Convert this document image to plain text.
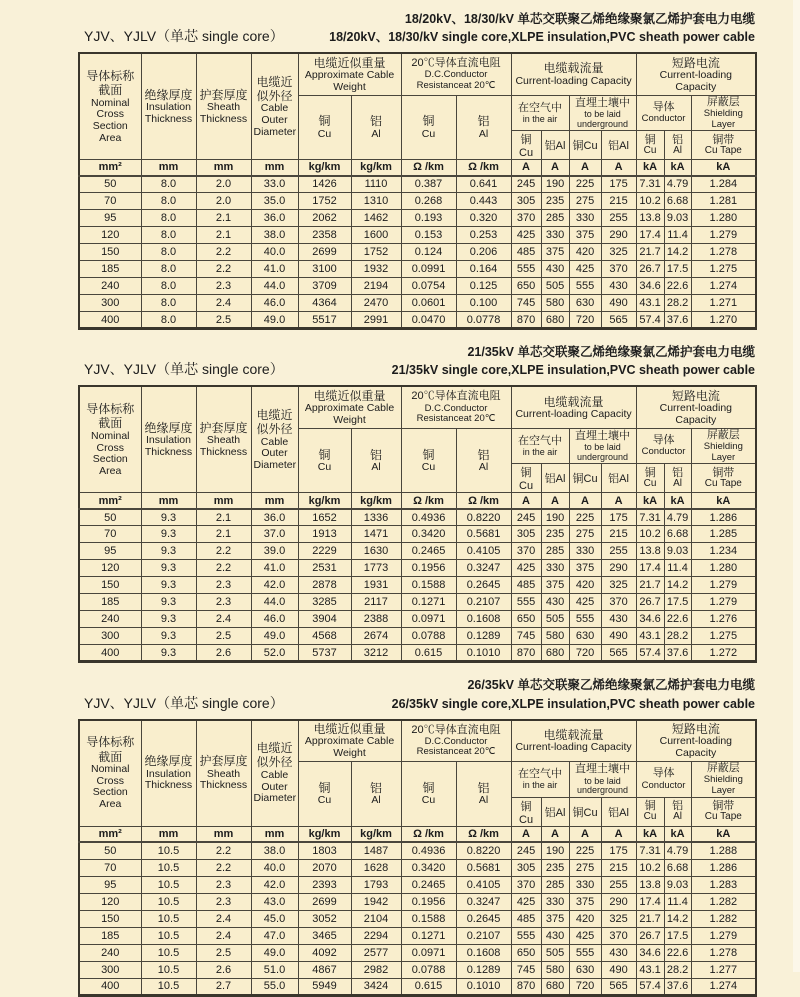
YJV、YJLV（单芯 single core）
18/20kV、18/30/kV 单芯交联聚乙烯绝缘聚氯乙烯护套电力电缆
18/20kV、18/30/kV single core,XLPE insulation,PVC sheath power cable
导体标称截面
Nominal Cross Section Area

绝缘厚度
Insulation Thickness

护套厚度
Sheath Thickness

电缆近似外径
Cable Outer Diameter

电缆近似重量
Approximate Cable Weight

20℃导体直流电阻
D.C.Conductor Resistanceat 20℃

电缆载流量
Current-loading Capacity

短路电流
Current-loading Capacity

铜
Cu

铝
Al

铜
Cu

铝
Al

在空气中
in the air

直埋土壤中
to be laid underground

导体
Conductor

屏蔽层
Shielding Layer

铜Cu	铝Al	铜Cu	铝Al	
铜
Cu

铝
Al

铜带
Cu Tape

mm²	mm	mm	mm	kg/km	kg/km	Ω /km	Ω /km	A	A	A	A	kA	kA	kA
50	8.0	2.0	33.0	1426	1110	0.387	0.641	245	190	225	175	7.31	4.79	1.284
70	8.0	2.0	35.0	1752	1310	0.268	0.443	305	235	275	215	10.2	6.68	1.281
95	8.0	2.1	36.0	2062	1462	0.193	0.320	370	285	330	255	13.8	9.03	1.280
120	8.0	2.1	38.0	2358	1600	0.153	0.253	425	330	375	290	17.4	11.4	1.279
150	8.0	2.2	40.0	2699	1752	0.124	0.206	485	375	420	325	21.7	14.2	1.278
185	8.0	2.2	41.0	3100	1932	0.0991	0.164	555	430	425	370	26.7	17.5	1.275
240	8.0	2.3	44.0	3709	2194	0.0754	0.125	650	505	555	430	34.6	22.6	1.274
300	8.0	2.4	46.0	4364	2470	0.0601	0.100	745	580	630	490	43.1	28.2	1.271
400	8.0	2.5	49.0	5517	2991	0.0470	0.0778	870	680	720	565	57.4	37.6	1.270
YJV、YJLV（单芯 single core）
21/35kV 单芯交联聚乙烯绝缘聚氯乙烯护套电力电缆
21/35kV single core,XLPE insulation,PVC sheath power cable
导体标称截面
Nominal Cross Section Area

绝缘厚度
Insulation Thickness

护套厚度
Sheath Thickness

电缆近似外径
Cable Outer Diameter

电缆近似重量
Approximate Cable Weight

20℃导体直流电阻
D.C.Conductor Resistanceat 20℃

电缆载流量
Current-loading Capacity

短路电流
Current-loading Capacity

铜
Cu

铝
Al

铜
Cu

铝
Al

在空气中
in the air

直埋土壤中
to be laid underground

导体
Conductor

屏蔽层
Shielding Layer

铜Cu	铝Al	铜Cu	铝Al	
铜
Cu

铝
Al

铜带
Cu Tape

mm²	mm	mm	mm	kg/km	kg/km	Ω /km	Ω /km	A	A	A	A	kA	kA	kA
50	9.3	2.1	36.0	1652	1336	0.4936	0.8220	245	190	225	175	7.31	4.79	1.286
70	9.3	2.1	37.0	1913	1471	0.3420	0.5681	305	235	275	215	10.2	6.68	1.285
95	9.3	2.2	39.0	2229	1630	0.2465	0.4105	370	285	330	255	13.8	9.03	1.234
120	9.3	2.2	41.0	2531	1773	0.1956	0.3247	425	330	375	290	17.4	11.4	1.280
150	9.3	2.3	42.0	2878	1931	0.1588	0.2645	485	375	420	325	21.7	14.2	1.279
185	9.3	2.3	44.0	3285	2117	0.1271	0.2107	555	430	425	370	26.7	17.5	1.279
240	9.3	2.4	46.0	3904	2388	0.0971	0.1608	650	505	555	430	34.6	22.6	1.276
300	9.3	2.5	49.0	4568	2674	0.0788	0.1289	745	580	630	490	43.1	28.2	1.275
400	9.3	2.6	52.0	5737	3212	0.615	0.1010	870	680	720	565	57.4	37.6	1.272
YJV、YJLV（单芯 single core）
26/35kV 单芯交联聚乙烯绝缘聚氯乙烯护套电力电缆
26/35kV single core,XLPE insulation,PVC sheath power cable
导体标称截面
Nominal Cross Section Area

绝缘厚度
Insulation Thickness

护套厚度
Sheath Thickness

电缆近似外径
Cable Outer Diameter

电缆近似重量
Approximate Cable Weight

20℃导体直流电阻
D.C.Conductor Resistanceat 20℃

电缆载流量
Current-loading Capacity

短路电流
Current-loading Capacity

铜
Cu

铝
Al

铜
Cu

铝
Al

在空气中
in the air

直埋土壤中
to be laid underground

导体
Conductor

屏蔽层
Shielding Layer

铜Cu	铝Al	铜Cu	铝Al	
铜
Cu

铝
Al

铜带
Cu Tape

mm²	mm	mm	mm	kg/km	kg/km	Ω /km	Ω /km	A	A	A	A	kA	kA	kA
50	10.5	2.2	38.0	1803	1487	0.4936	0.8220	245	190	225	175	7.31	4.79	1.288
70	10.5	2.2	40.0	2070	1628	0.3420	0.5681	305	235	275	215	10.2	6.68	1.286
95	10.5	2.3	42.0	2393	1793	0.2465	0.4105	370	285	330	255	13.8	9.03	1.283
120	10.5	2.3	43.0	2699	1942	0.1956	0.3247	425	330	375	290	17.4	11.4	1.282
150	10.5	2.4	45.0	3052	2104	0.1588	0.2645	485	375	420	325	21.7	14.2	1.282
185	10.5	2.4	47.0	3465	2294	0.1271	0.2107	555	430	425	370	26.7	17.5	1.279
240	10.5	2.5	49.0	4092	2577	0.0971	0.1608	650	505	555	430	34.6	22.6	1.278
300	10.5	2.6	51.0	4867	2982	0.0788	0.1289	745	580	630	490	43.1	28.2	1.277
400	10.5	2.7	55.0	5949	3424	0.615	0.1010	870	680	720	565	57.4	37.6	1.274
